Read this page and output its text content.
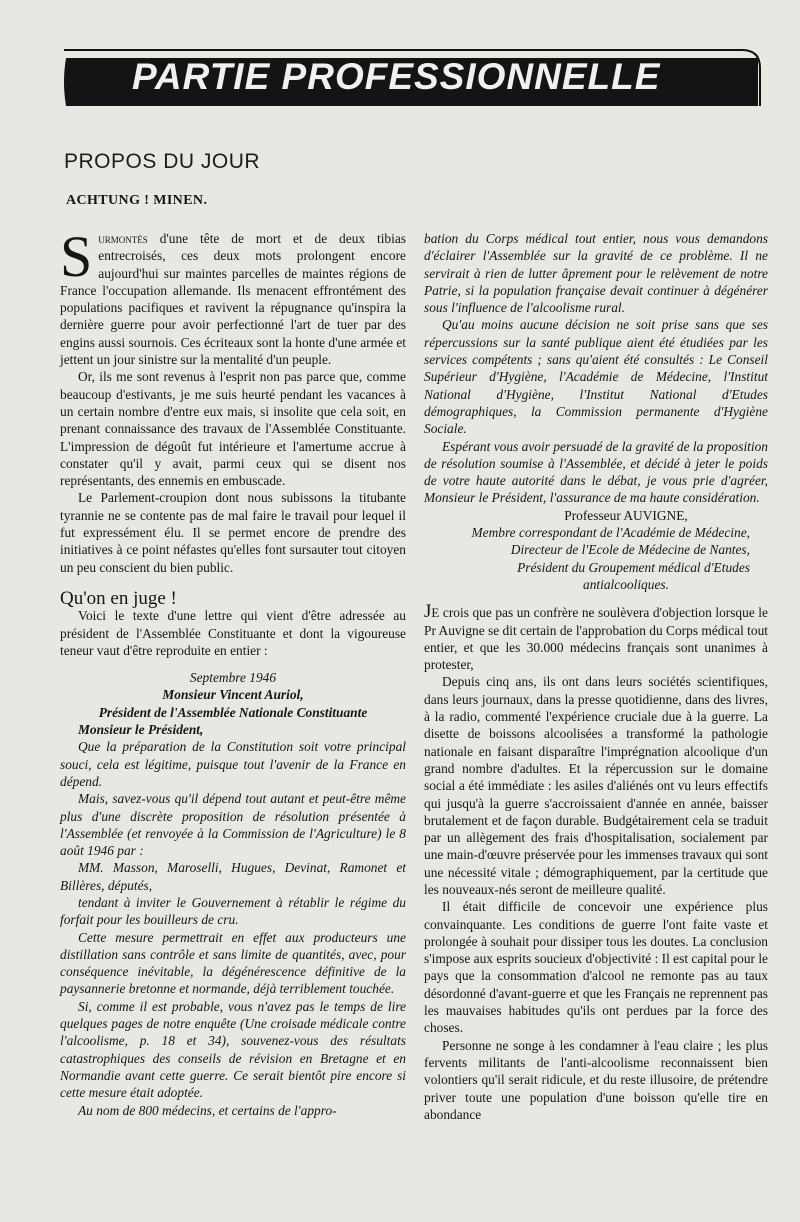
PARTIE PROFESSIONNELLE
PROPOS DU JOUR
ACHTUNG ! MINEN.

Surmontés d'une tête de mort et de deux tibias entrecroisés, ces deux mots prolongent encore aujourd'hui sur maintes parcelles de maintes régions de France l'occupation allemande. Ils menacent effrontément des populations pacifiques et ravivent la répugnance qu'inspira la dernière guerre pour avoir perfectionné l'art de tuer par des engins aussi sournois. Ces écriteaux sont la honte d'une armée et jettent un jour sinistre sur la mentalité d'un peuple.

Or, ils me sont revenus à l'esprit non pas parce que, comme beaucoup d'estivants, je me suis heurté pendant les vacances à un certain nombre d'entre eux mais, si insolite que cela soit, en prenant connaissance des travaux de l'Assemblée Constituante. L'impression de dégoût fut intérieure et l'amertume accrue à constater qu'il y avait, parmi ceux qui se disent nos représentants, des ennemis en embuscade.

Le Parlement-croupion dont nous subissons la titubante tyrannie ne se contente pas de mal faire le travail pour lequel il fut expressément élu. Il se permet encore de prendre des initiatives à ce point néfastes qu'elles font sursauter tout citoyen un peu conscient du bien public.

Qu'on en juge !

Voici le texte d'une lettre qui vient d'être adressée au président de l'Assemblée Constituante et dont la vigoureuse teneur vaut d'être reproduite en entier :

Septembre 1946

Monsieur Vincent Auriol,

Président de l'Assemblée Nationale Constituante

Monsieur le Président,

Que la préparation de la Constitution soit votre principal souci, cela est légitime, puisque tout l'avenir de la France en dépend.

Mais, savez-vous qu'il dépend tout autant et peut-être même plus d'une discrète proposition de résolution présentée à l'Assemblée (et renvoyée à la Commission de l'Agriculture) le 8 août 1946 par :

MM. Masson, Maroselli, Hugues, Devinat, Ramonet et Billères, députés,

tendant à inviter le Gouvernement à rétablir le régime du forfait pour les bouilleurs de cru.

Cette mesure permettrait en effet aux producteurs une distillation sans contrôle et sans limite de quantités, avec, pour conséquence inévitable, la dégénérescence définitive de la paysannerie bretonne et normande, déjà terriblement touchée.

Si, comme il est probable, vous n'avez pas le temps de lire quelques pages de notre enquête (Une croisade médicale contre l'alcoolisme, p. 18 et 34), souvenez-vous des résultats catastrophiques des conseils de révision en Bretagne et en Normandie avant cette guerre. Ce serait bientôt pire encore si cette mesure était adoptée.

Au nom de 800 médecins, et certains de l'appro-

bation du Corps médical tout entier, nous vous demandons d'éclairer l'Assemblée sur la gravité de ce problème. Il ne servirait à rien de lutter âprement pour le relèvement de notre Patrie, si la population française devait continuer à dégénérer sous l'influence de l'alcoolisme rural.

Qu'au moins aucune décision ne soit prise sans que ses répercussions sur la santé publique aient été étudiées par les services compétents ; sans qu'aient été consultés : Le Conseil Supérieur d'Hygiène, l'Académie de Médecine, l'Institut National d'Hygiène, l'Institut National d'Etudes démographiques, la Commission permanente d'Hygiène Sociale.

Espérant vous avoir persuadé de la gravité de la proposition de résolution soumise à l'Assemblée, et décidé à jeter le poids de votre haute autorité dans le débat, je vous prie d'agréer, Monsieur le Président, l'assurance de ma haute considération.

Professeur AUVIGNE,

Membre correspondant de l'Académie de Médecine,

Directeur de l'Ecole de Médecine de Nantes,

Président du Groupement médical d'Etudes

antialcooliques.

Je crois que pas un confrère ne soulèvera d'objection lorsque le Pr Auvigne se dit certain de l'approbation du Corps médical tout entier, et que les 30.000 médecins français sont unanimes à protester,

Depuis cinq ans, ils ont dans leurs sociétés scientifiques, dans leurs journaux, dans la presse quotidienne, dans des livres, à la radio, commenté l'expérience cruciale due à la guerre. La disette de boissons alcoolisées a transformé la pathologie nationale en faisant disparaître l'imprégnation alcoolique d'un grand nombre d'adultes. Et la répercussion sur le domaine social a été immédiate : les asiles d'aliénés ont vu leurs effectifs qui jusqu'à la guerre s'accroissaient d'année en année, baisser brutalement et de façon durable. Budgétairement cela se traduit par un allègement des frais d'hospitalisation, socialement par une main-d'œuvre préservée pour les immenses travaux qui sont une nécessité vitale ; démographiquement, par la certitude que les nouveaux-nés seront de meilleure qualité.

Il était difficile de concevoir une expérience plus convainquante. Les conditions de guerre l'ont faite vaste et prolongée à souhait pour dissiper tous les doutes. La conclusion s'impose aux esprits soucieux d'objectivité : Il est capital pour le pays que la consommation d'alcool ne remonte pas au taux désordonné d'avant-guerre et que les Français ne reprennent pas les mauvaises habitudes qu'ils ont perdues par la force des choses.

Personne ne songe à les condamner à l'eau claire ; les plus fervents militants de l'anti-alcoolisme reconnaissent bien volontiers qu'il serait ridicule, et du reste illusoire, de prétendre priver toute une population d'une boisson qu'elle tire en abondance
